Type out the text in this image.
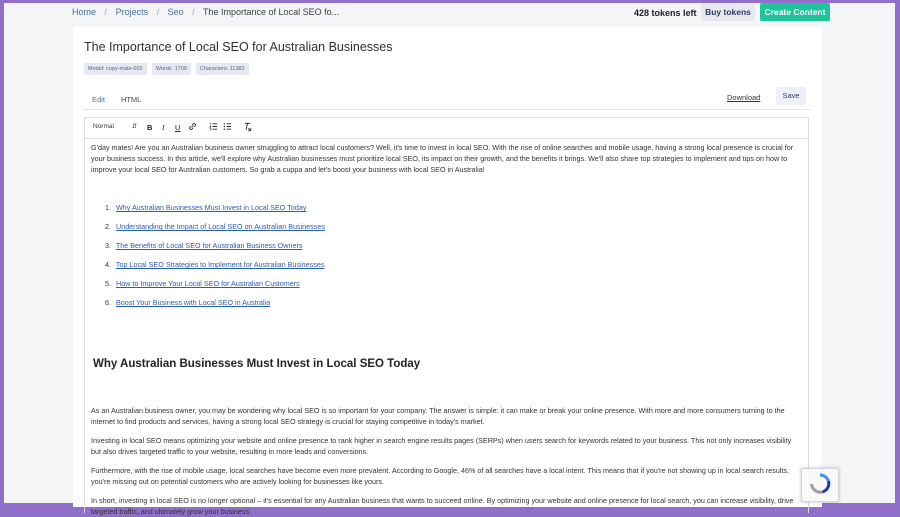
Home / Projects / Seo / The Importance of Local SEO fo...	428 tokens left	Buy tokens	Create Content
The Importance of Local SEO for Australian Businesses
Model: copy-mate-002	Words: 1709	Characters: 11382
Edit	HTML	Download	Save
Normal	⇵ B I U

G'day mates! Are you an Australian business owner struggling to attract local customers? Well, it's time to invest in local SEO. With the rise of online searches and mobile usage, having a strong local presence is crucial for your business success. In this article, we'll explore why Australian businesses must prioritize local SEO, its impact on their growth, and the benefits it brings. We'll also share top strategies to implement and tips on how to improve your local SEO for Australian customers. So grab a cuppa and let's boost your business with local SEO in Australia!

1. Why Australian Businesses Must Invest in Local SEO Today
2. Understanding the Impact of Local SEO on Australian Businesses
3. The Benefits of Local SEO for Australian Business Owners
4. Top Local SEO Strategies to Implement for Australian Businesses
5. How to Improve Your Local SEO for Australian Customers
6. Boost Your Business with Local SEO in Australia
Why Australian Businesses Must Invest in Local SEO Today

As an Australian business owner, you may be wondering why local SEO is so important for your company. The answer is simple: it can make or break your online presence. With more and more consumers turning to the internet to find products and services, having a strong local SEO strategy is crucial for staying competitive in today's market.

Investing in local SEO means optimizing your website and online presence to rank higher in search engine results pages (SERPs) when users search for keywords related to your business. This not only increases visibility but also drives targeted traffic to your website, resulting in more leads and conversions.

Furthermore, with the rise of mobile usage, local searches have become even more prevalent. According to Google, 46% of all searches have a local intent. This means that if you're not showing up in local search results, you're missing out on potential customers who are actively looking for businesses like yours.

In short, investing in local SEO is no longer optional – it's essential for any Australian business that wants to succeed online. By optimizing your website and online presence for local search, you can increase visibility, drive targeted traffic, and ultimately grow your business.
